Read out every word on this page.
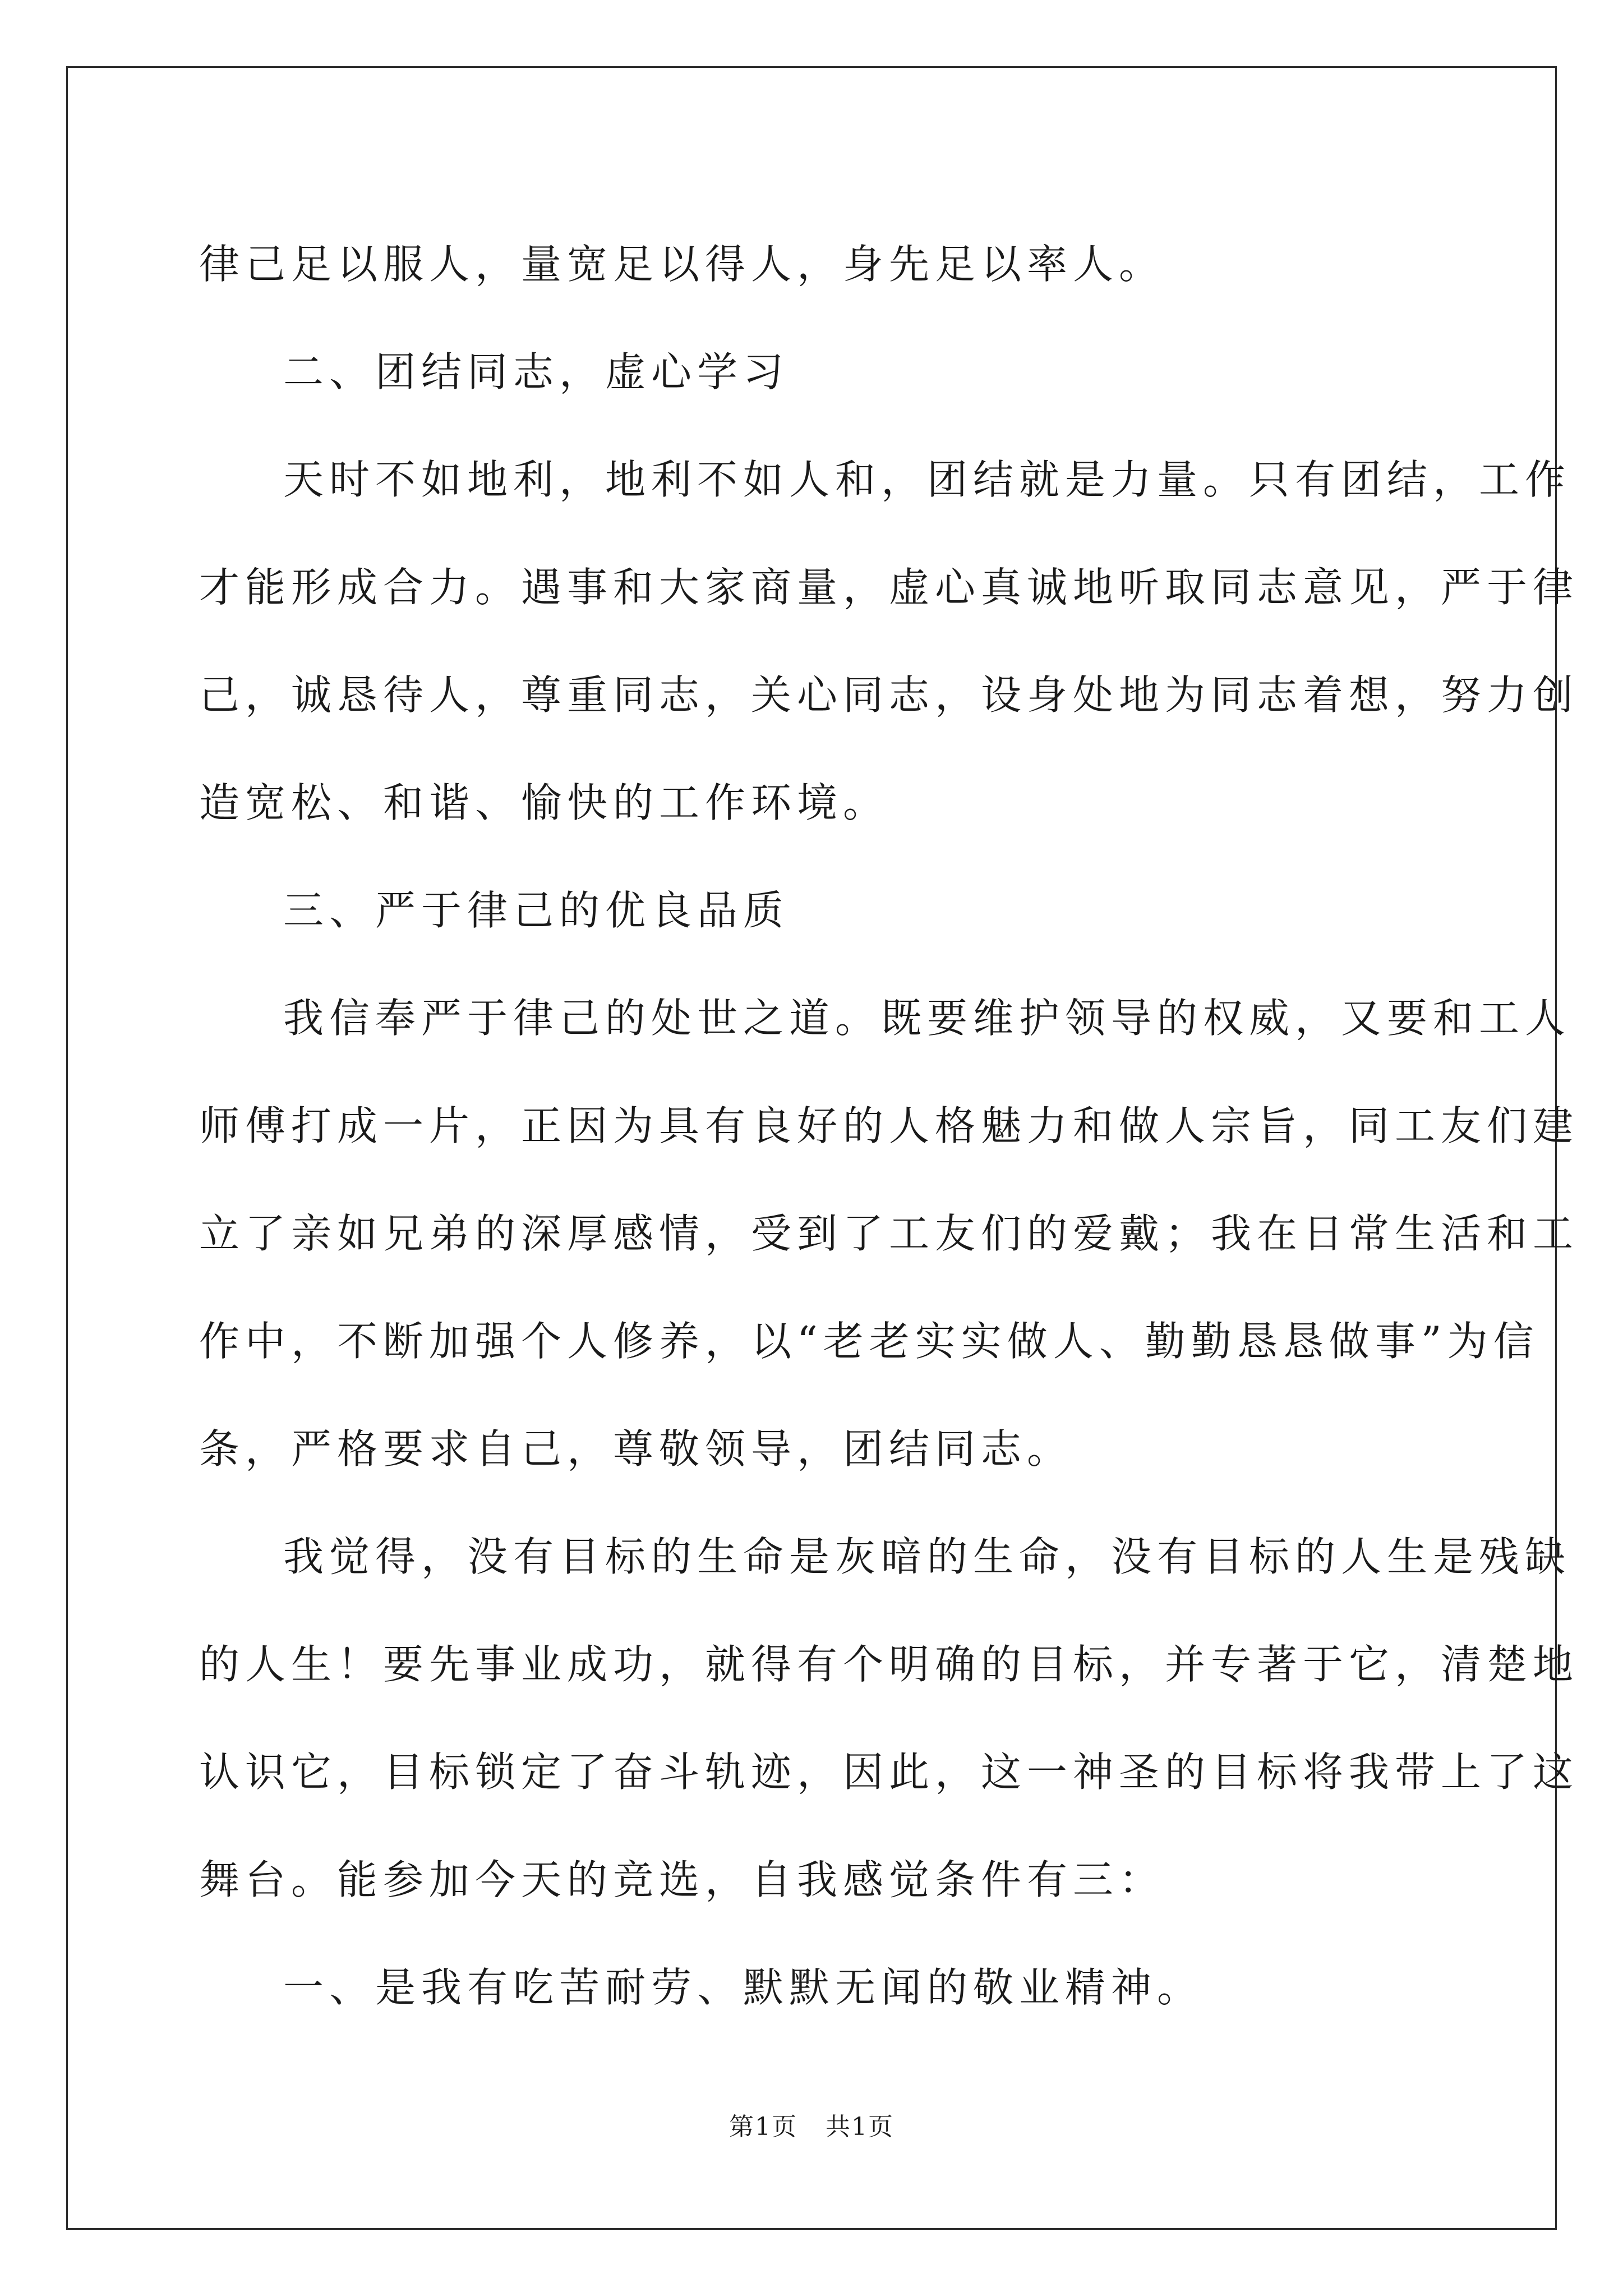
律己足以服人，量宽足以得人，身先足以率人。
二、团结同志，虚心学习
天时不如地利，地利不如人和，团结就是力量。只有团结，工作
才能形成合力。遇事和大家商量，虚心真诚地听取同志意见，严于律
己，诚恳待人，尊重同志，关心同志，设身处地为同志着想，努力创
造宽松、和谐、愉快的工作环境。
三、严于律己的优良品质
我信奉严于律己的处世之道。既要维护领导的权威，又要和工人
师傅打成一片，正因为具有良好的人格魅力和做人宗旨，同工友们建
立了亲如兄弟的深厚感情，受到了工友们的爱戴；我在日常生活和工
作中，不断加强个人修养，以“老老实实做人、勤勤恳恳做事”为信
条，严格要求自己，尊敬领导，团结同志。
我觉得，没有目标的生命是灰暗的生命，没有目标的人生是残缺
的人生！要先事业成功，就得有个明确的目标，并专著于它，清楚地
认识它，目标锁定了奋斗轨迹，因此，这一神圣的目标将我带上了这
舞台。能参加今天的竞选，自我感觉条件有三：
一、是我有吃苦耐劳、默默无闻的敬业精神。
第1页 共1页
